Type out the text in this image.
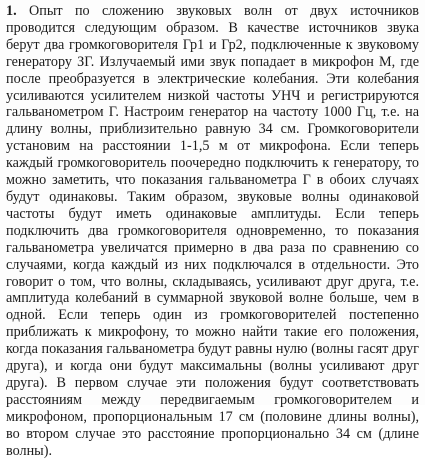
1. Опыт по сложению звуковых волн от двух источников проводится следующим образом. В качестве источников звука берут два громкоговорителя Гр1 и Гр2, подключенные к звуковому генератору ЗГ. Излучаемый ими звук попадает в микрофон М, где после преобразуется в электрические колебания. Эти колебания усиливаются усилителем низкой частоты УНЧ и регистрируются гальванометром Г. Настроим генератор на частоту 1000 Гц, т.е. на длину волны, приблизительно равную 34 см. Громкоговорители установим на расстоянии 1-1,5 м от микрофона. Если теперь каждый громкоговоритель поочередно подключить к генератору, то можно заметить, что показания гальванометра Г в обоих случаях будут одинаковы. Таким образом, звуковые волны одинаковой частоты будут иметь одинаковые амплитуды. Если теперь подключить два громкоговорителя одновременно, то показания гальванометра увеличатся примерно в два раза по сравнению со случаями, когда каждый из них подключался в отдельности. Это говорит о том, что волны, складываясь, усиливают друг друга, т.е. амплитуда колебаний в суммарной звуковой волне больше, чем в одной. Если теперь один из громкоговорителей постепенно приближать к микрофону, то можно найти такие его положения, когда показания гальванометра будут равны нулю (волны гасят друг друга), и когда они будут максимальны (волны усиливают друг друга). В первом случае эти положения будут соответствовать расстояниям между передвигаемым громкоговорителем и микрофоном, пропорциональным 17 см (половине длины волны), во втором случае это расстояние пропорционально 34 см (длине волны).
